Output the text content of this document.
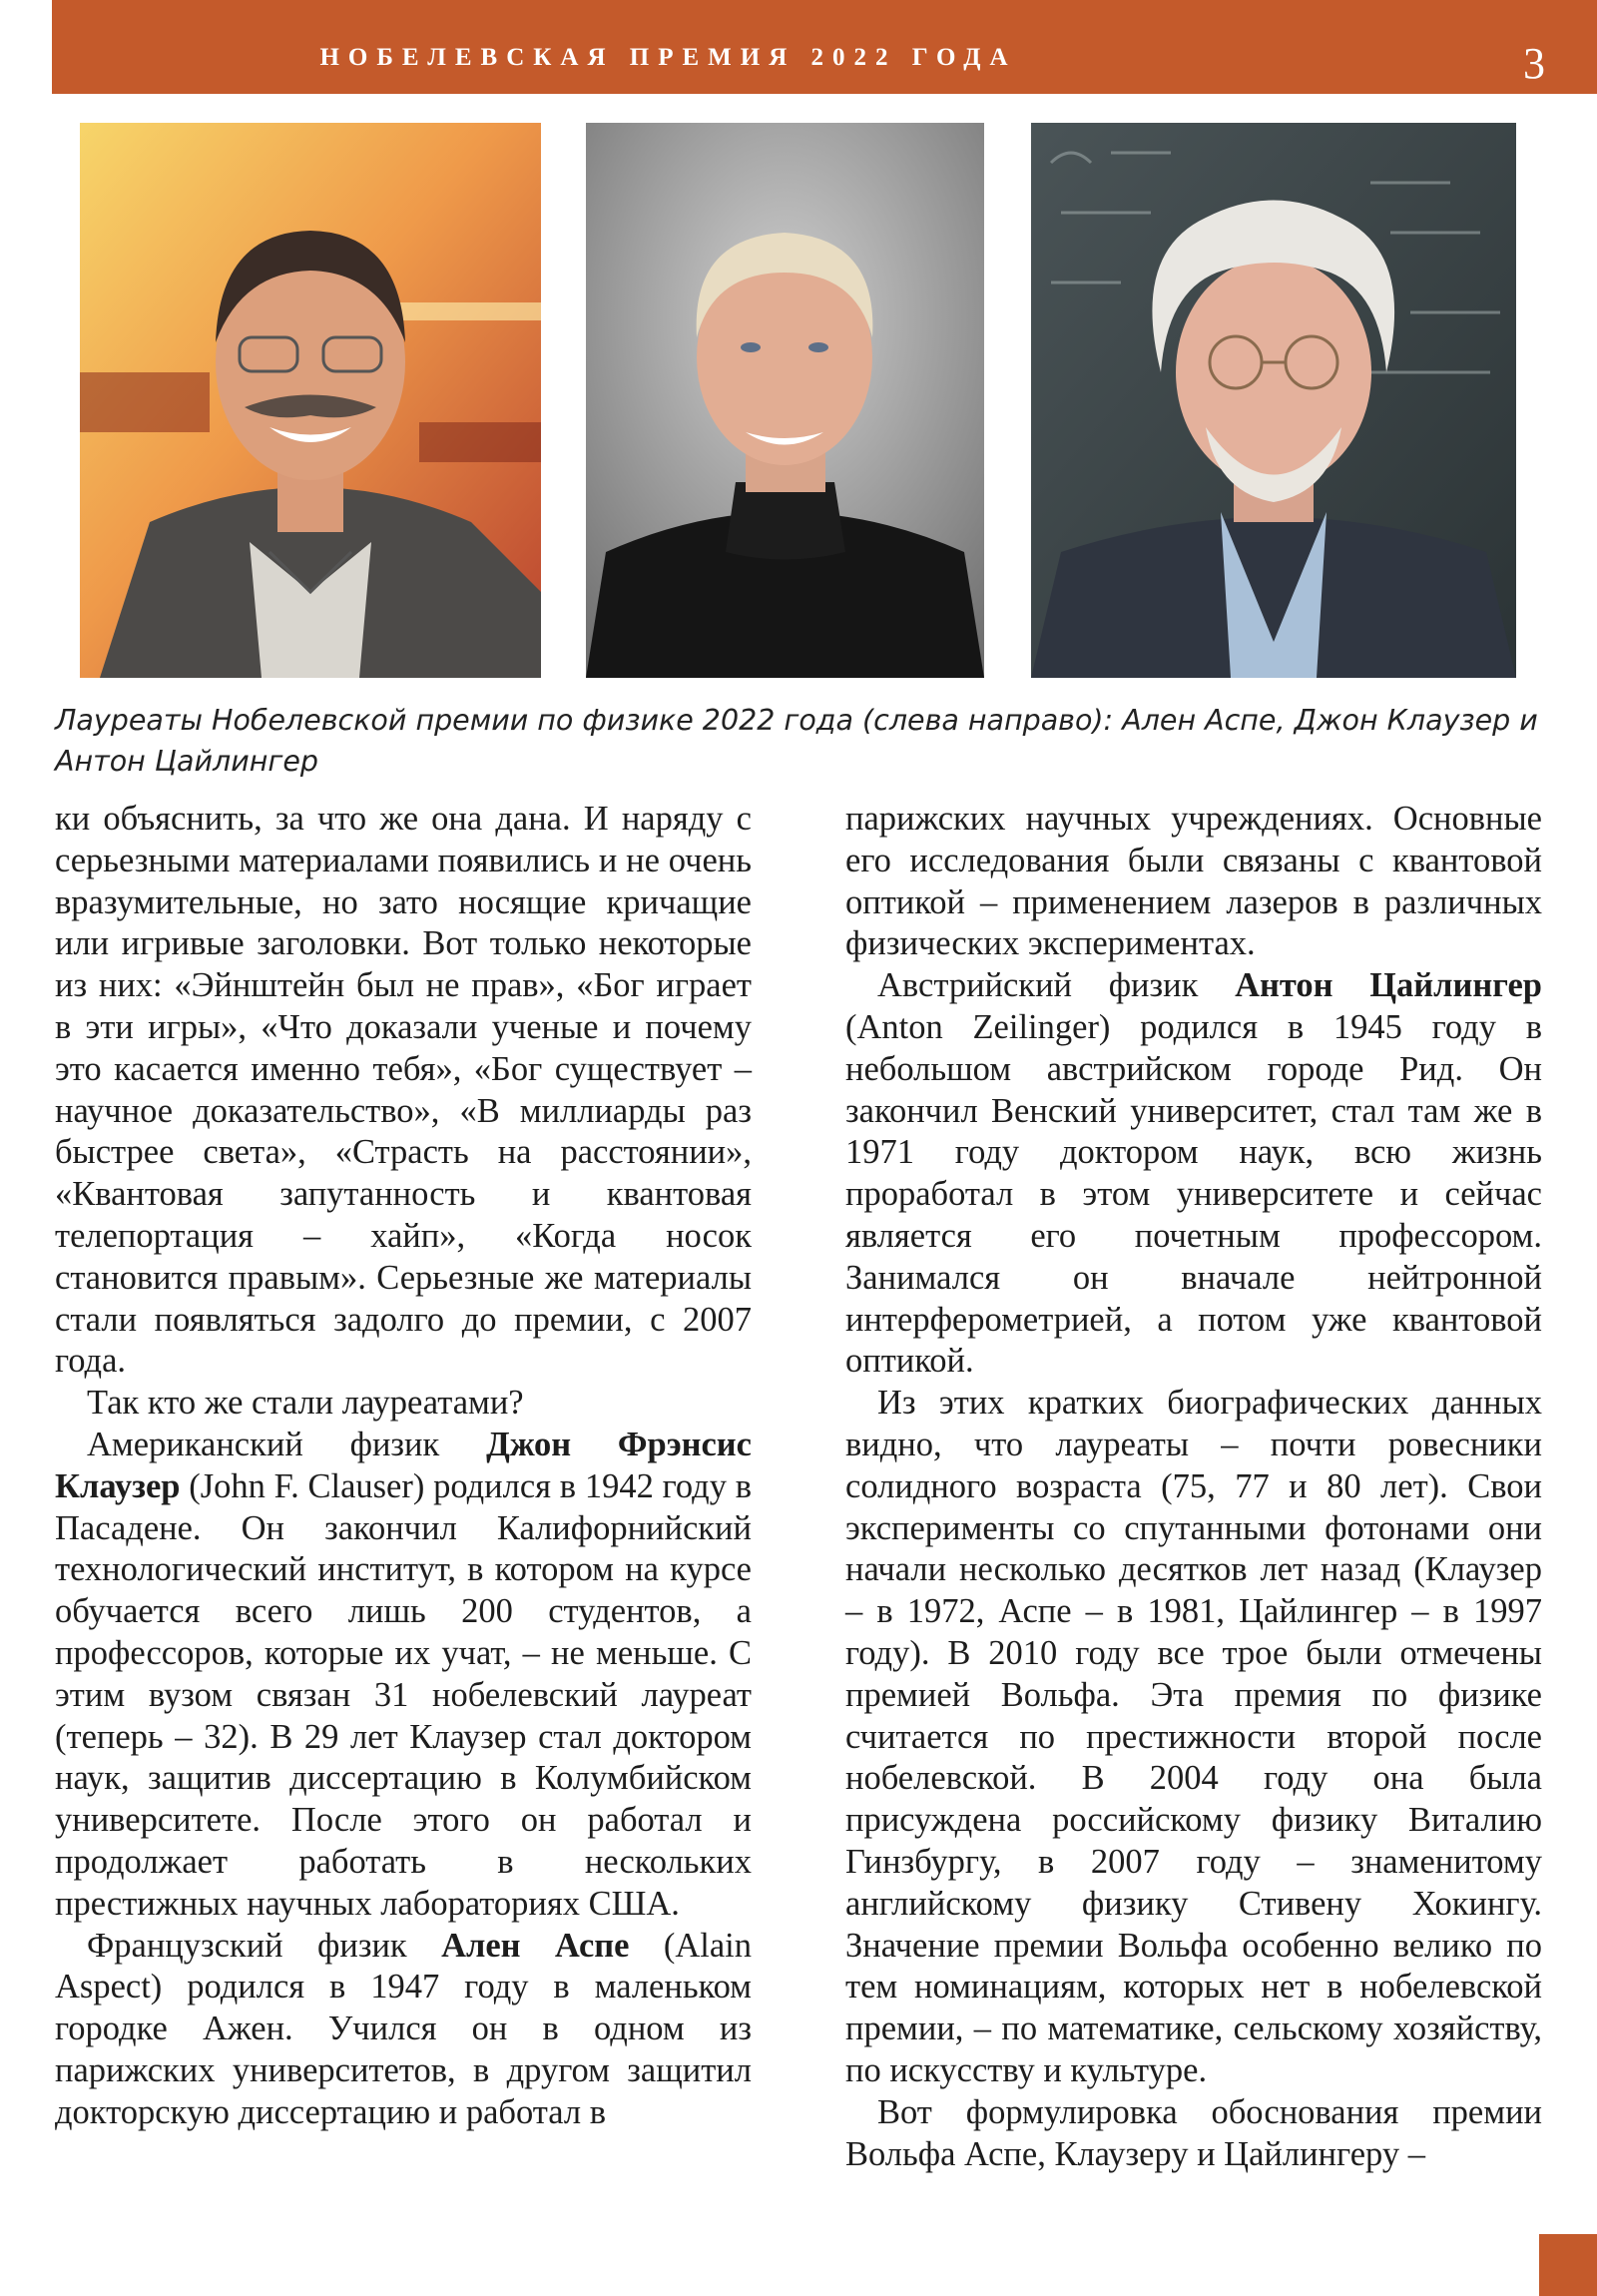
НОБЕЛЕВСКАЯ ПРЕМИЯ 2022 ГОДА	3
Лауреаты Нобелевской премии по физике 2022 года (слева направо): Ален Аспе, Джон Клаузер и Антон Цайлингер

ки объяснить, за что же она дана. И наряду с серьезными материалами появились и не очень вразумительные, но зато носящие кричащие или игривые заголовки. Вот только некоторые из них: «Эйнштейн был не прав», «Бог играет в эти игры», «Что доказали ученые и почему это касается именно тебя», «Бог существует – научное доказательство», «В миллиарды раз быстрее света», «Страсть на расстоянии», «Квантовая запутанность и квантовая телепортация – хайп», «Когда носок становится правым». Серьезные же материалы стали появляться задолго до премии, с 2007 года.

Так кто же стали лауреатами?

Американский физик Джон Фрэнсис Клаузер (John F. Clauser) родился в 1942 году в Пасадене. Он закончил Калифорнийский технологический институт, в котором на курсе обучается всего лишь 200 студентов, а профессоров, которые их учат, – не меньше. С этим вузом связан 31 нобелевский лауреат (теперь – 32). В 29 лет Клаузер стал доктором наук, защитив диссертацию в Колумбийском университете. После этого он работал и продолжает работать в нескольких престижных научных лабораториях США.

Французский физик Ален Аспе (Alain Aspect) родился в 1947 году в маленьком городке Ажен. Учился он в одном из парижских университетов, в другом защитил докторскую диссертацию и работал в

парижских научных учреждениях. Основные его исследования были связаны с квантовой оптикой – применением лазеров в различных физических экспериментах.

Австрийский физик Антон Цайлингер (Anton Zeilinger) родился в 1945 году в небольшом австрийском городе Рид. Он закончил Венский университет, стал там же в 1971 году доктором наук, всю жизнь проработал в этом университете и сейчас является его почетным профессором. Занимался он вначале нейтронной интерферометрией, а потом уже квантовой оптикой.

Из этих кратких биографических данных видно, что лауреаты – почти ровесники солидного возраста (75, 77 и 80 лет). Свои эксперименты со спутанными фотонами они начали несколько десятков лет назад (Клаузер – в 1972, Аспе – в 1981, Цайлингер – в 1997 году). В 2010 году все трое были отмечены премией Вольфа. Эта премия по физике считается по престижности второй после нобелевской. В 2004 году она была присуждена российскому физику Виталию Гинзбургу, в 2007 году – знаменитому английскому физику Стивену Хокингу. Значение премии Вольфа особенно велико по тем номинациям, которых нет в нобелевской премии, – по математике, сельскому хозяйству, по искусству и культуре.

Вот формулировка обоснования премии Вольфа Аспе, Клаузеру и Цайлингеру –
